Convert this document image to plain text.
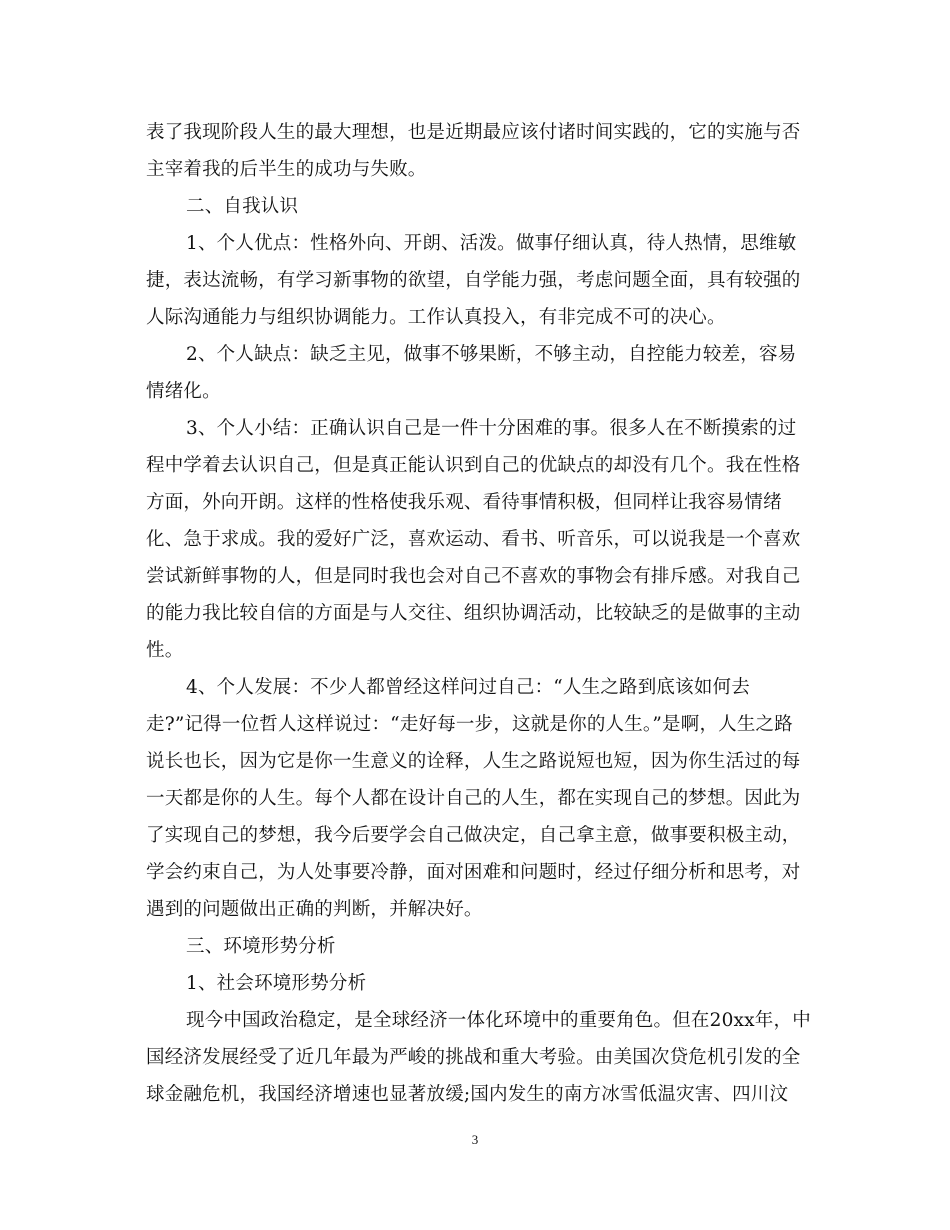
表了我现阶段人生的最大理想，也是近期最应该付诸时间实践的，它的实施与否
主宰着我的后半生的成功与失败。
二、自我认识
1、个人优点：性格外向、开朗、活泼。做事仔细认真，待人热情，思维敏
捷，表达流畅，有学习新事物的欲望，自学能力强，考虑问题全面，具有较强的
人际沟通能力与组织协调能力。工作认真投入，有非完成不可的决心。
2、个人缺点：缺乏主见，做事不够果断，不够主动，自控能力较差，容易
情绪化。
3、个人小结：正确认识自己是一件十分困难的事。很多人在不断摸索的过
程中学着去认识自己，但是真正能认识到自己的优缺点的却没有几个。我在性格
方面，外向开朗。这样的性格使我乐观、看待事情积极，但同样让我容易情绪
化、急于求成。我的爱好广泛，喜欢运动、看书、听音乐，可以说我是一个喜欢
尝试新鲜事物的人，但是同时我也会对自己不喜欢的事物会有排斥感。对我自己
的能力我比较自信的方面是与人交往、组织协调活动，比较缺乏的是做事的主动
性。
4、个人发展：不少人都曾经这样问过自己：“人生之路到底该如何去
走?”记得一位哲人这样说过：“走好每一步，这就是你的人生。”是啊，人生之路
说长也长，因为它是你一生意义的诠释，人生之路说短也短，因为你生活过的每
一天都是你的人生。每个人都在设计自己的人生，都在实现自己的梦想。因此为
了实现自己的梦想，我今后要学会自己做决定，自己拿主意，做事要积极主动，
学会约束自己，为人处事要冷静，面对困难和问题时，经过仔细分析和思考，对
遇到的问题做出正确的判断，并解决好。
三、环境形势分析
1、社会环境形势分析
现今中国政治稳定，是全球经济一体化环境中的重要角色。但在20xx年，中
国经济发展经受了近几年最为严峻的挑战和重大考验。由美国次贷危机引发的全
球金融危机，我国经济增速也显著放缓;国内发生的南方冰雪低温灾害、四川汶
3
